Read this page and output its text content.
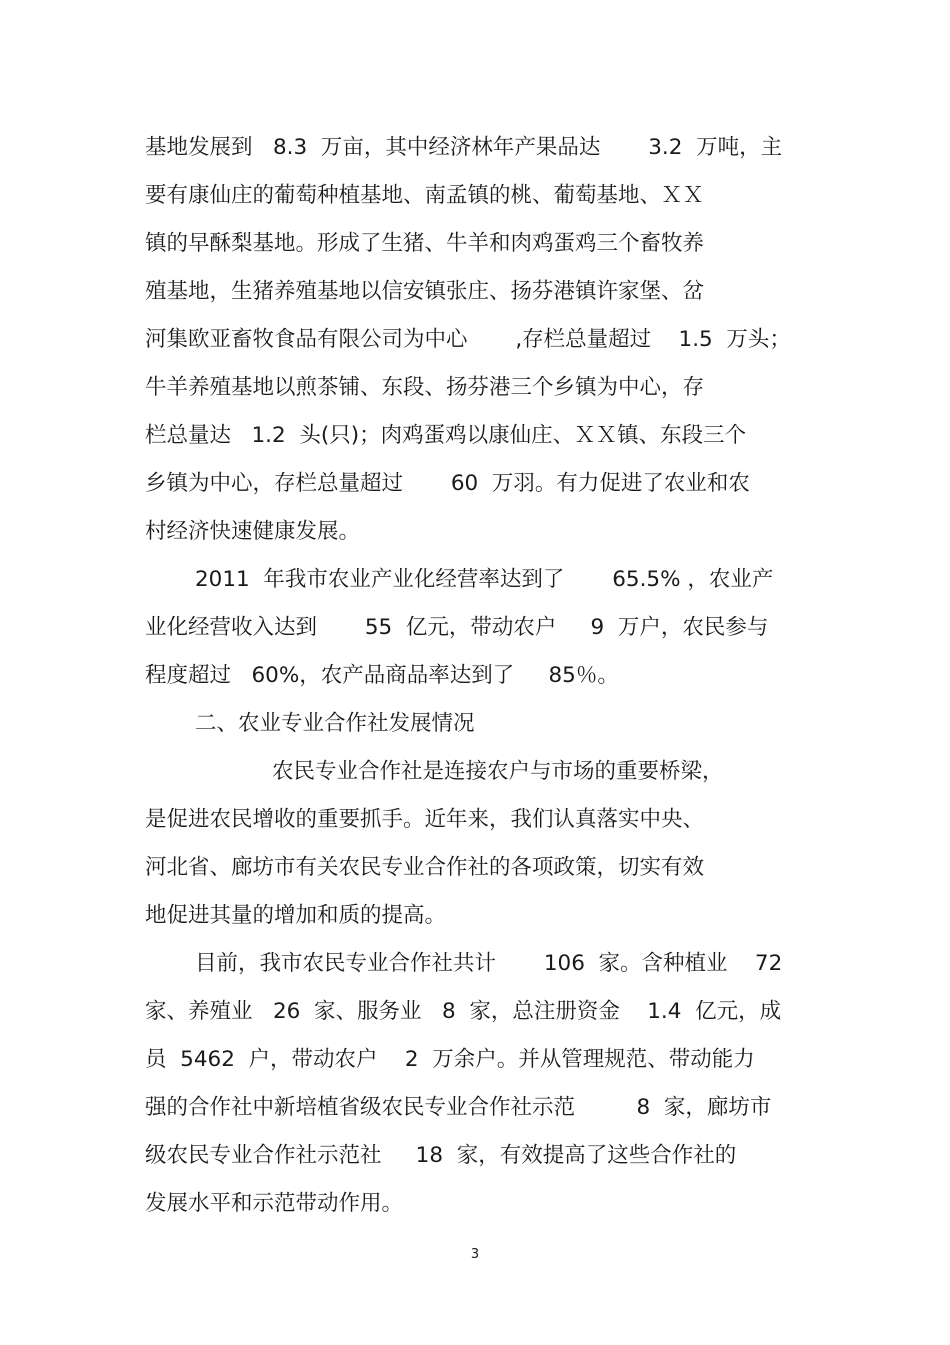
基地发展到   8.3  万亩，其中经济林年产果品达       3.2  万吨，主

要有康仙庄的葡萄种植基地、南孟镇的桃、葡萄基地、ＸＸ

镇的早酥梨基地。形成了生猪、牛羊和肉鸡蛋鸡三个畜牧养

殖基地，生猪养殖基地以信安镇张庄、扬芬港镇许家堡、岔

河集欧亚畜牧食品有限公司为中心       ,存栏总量超过    1.5  万头；

牛羊养殖基地以煎茶铺、东段、扬芬港三个乡镇为中心，存

栏总量达   1.2  头(只)；肉鸡蛋鸡以康仙庄、ＸＸ镇、东段三个

乡镇为中心，存栏总量超过       60  万羽。有力促进了农业和农

村经济快速健康发展。

2011  年我市农业产业化经营率达到了       65.5% ，农业产

业化经营收入达到       55  亿元，带动农户     9  万户，农民参与

程度超过   60%，农产品商品率达到了     85％。

二、农业专业合作社发展情况

农民专业合作社是连接农户与市场的重要桥梁，

是促进农民增收的重要抓手。近年来，我们认真落实中央、

河北省、廊坊市有关农民专业合作社的各项政策，切实有效

地促进其量的增加和质的提高。

目前，我市农民专业合作社共计       106  家。含种植业    72

家、养殖业   26  家、服务业   8  家，总注册资金    1.4  亿元，成

员  5462  户，带动农户    2  万余户。并从管理规范、带动能力

强的合作社中新培植省级农民专业合作社示范         8  家，廊坊市

级农民专业合作社示范社     18  家，有效提高了这些合作社的

发展水平和示范带动作用。

3
